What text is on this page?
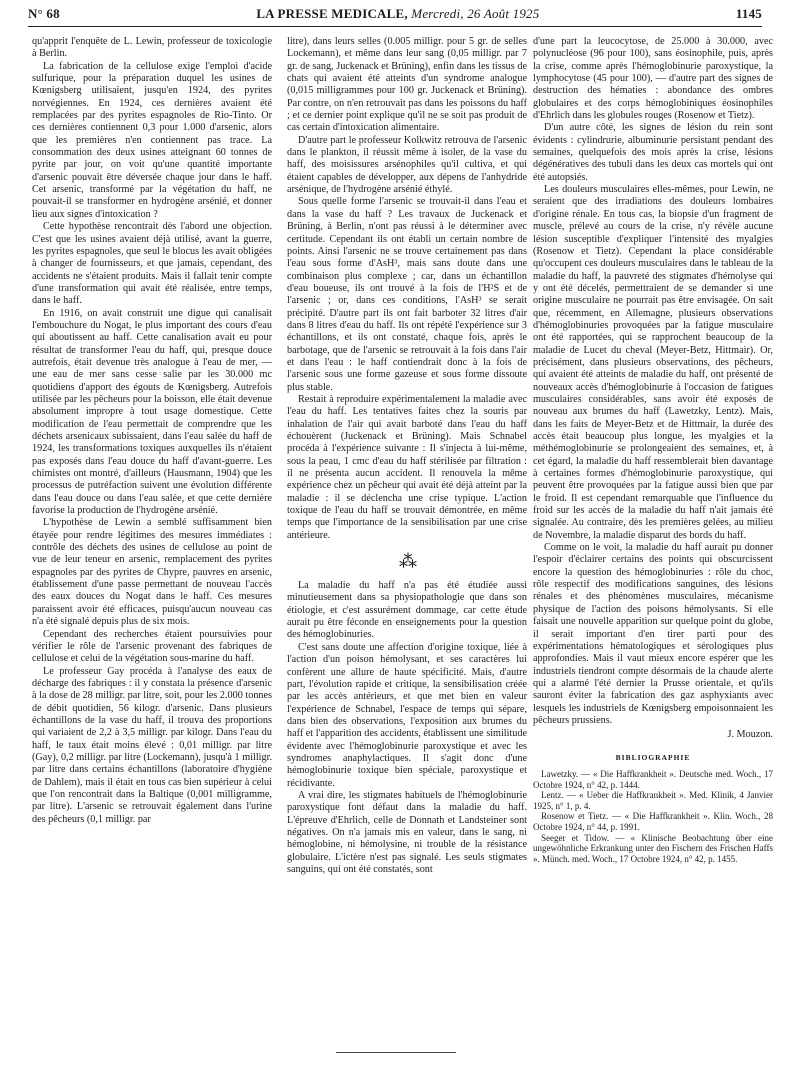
N° 68	LA PRESSE MEDICALE, Mercredi, 26 Août 1925	1145

qu'apprit l'enquête de L. Lewin, professeur de toxicologie à Berlin.

La fabrication de la cellulose exige l'emploi d'acide sulfurique, pour la préparation duquel les usines de Kœnigsberg utilisaient, jusqu'en 1924, des pyrites norvégiennes. En 1924, ces dernières avaient été remplacées par des pyrites espagnoles de Rio-Tinto. Or ces dernières contiennent 0,3 pour 1.000 d'arsenic, alors que les premières n'en contiennent pas trace. La consommation des deux usines atteignant 60 tonnes de pyrite par jour, on voit qu'une quantité importante d'arsenic pouvait être déversée chaque jour dans le haff. Cet arsenic, transformé par la végétation du haff, ne pouvait-il se transformer en hydrogène arsénié, et donner lieu aux signes d'intoxication ?

Cette hypothèse rencontrait dès l'abord une objection. C'est que les usines avaient déjà utilisé, avant la guerre, les pyrites espagnoles, que seul le blocus les avait obligées à changer de fournisseurs, et que jamais, cependant, des accidents ne s'étaient produits. Mais il fallait tenir compte d'une transformation qui avait été réalisée, entre temps, dans le haff.

En 1916, on avait construit une digue qui canalisait l'embouchure du Nogat, le plus important des cours d'eau qui aboutissent au haff. Cette canalisation avait eu pour résultat de transformer l'eau du haff, qui, presque douce autrefois, était devenue très analogue à l'eau de mer, — une eau de mer sans cesse salie par les 30.000 mc quotidiens d'apport des égouts de Kœnigsberg. Autrefois utilisée par les pêcheurs pour la boisson, elle était devenue absolument impropre à tout usage domestique. Cette modification de l'eau permettait de comprendre que les déchets arsenicaux subissaient, dans l'eau salée du haff de 1924, les transformations toxiques auxquelles ils n'étaient pas exposés dans l'eau douce du haff d'avant-guerre. Les chimistes ont montré, d'ailleurs (Hausmann, 1904) que les processus de putréfaction suivent une évolution différente dans l'eau douce ou dans l'eau salée, et que cette dernière favorise la production de l'hydrogène arsénié.

L'hypothèse de Lewin a semblé suffisamment bien étayée pour rendre légitimes des mesures immédiates : contrôle des déchets des usines de cellulose au point de vue de leur teneur en arsenic, remplacement des pyrites espagnoles par des pyrites de Chypre, pauvres en arsenic, établissement d'une passe permettant de nouveau l'accès des eaux douces du Nogat dans le haff. Ces mesures paraissent avoir été efficaces, puisqu'aucun nouveau cas n'a été signalé depuis plus de six mois.

Cependant des recherches étaient poursuivies pour vérifier le rôle de l'arsenic provenant des fabriques de cellulose et celui de la végétation sous-marine du haff.

Le professeur Gay procéda à l'analyse des eaux de décharge des fabriques : il y constata la présence d'arsenic à la dose de 28 milligr. par litre, soit, pour les 2.000 tonnes de débit quotidien, 56 kilogr. d'arsenic. Dans plusieurs échantillons de la vase du haff, il trouva des proportions qui variaient de 2,2 à 3,5 milligr. par kilogr. Dans l'eau du haff, le taux était moins élevé : 0,01 milligr. par litre (Gay), 0,2 milligr. par litre (Lockemann), jusqu'à 1 milligr. par litre dans certains échantillons (laboratoire d'hygiène de Dahlem), mais il était en tous cas bien supérieur à celui que l'on rencontrait dans la Baltique (0,001 milligramme, par litre). L'arsenic se retrouvait également dans l'urine des pêcheurs (0,1 milligr. par

litre), dans leurs selles (0.005 milligr. pour 5 gr. de selles Lockemann), et même dans leur sang (0,05 milligr. par 7 gr. de sang, Juckenack et Brüning), enfin dans les tissus de chats qui avaient été atteints d'un syndrome analogue (0,015 milligrammes pour 100 gr. Juckenack et Brüning). Par contre, on n'en retrouvait pas dans les poissons du haff ; et ce dernier point explique qu'il ne se soit pas produit de cas certain d'intoxication alimentaire.

D'autre part le professeur Kolkwitz retrouva de l'arsenic dans le plankton, il réussit même à isoler, de la vase du haff, des moisissures arsénophiles qu'il cultiva, et qui étaient capables de développer, aux dépens de l'anhydride arsénique, de l'hydrogène arsénié éthylé.

Sous quelle forme l'arsenic se trouvait-il dans l'eau et dans la vase du haff ? Les travaux de Juckenack et Brüning, à Berlin, n'ont pas réussi à le déterminer avec certitude. Cependant ils ont établi un certain nombre de points. Ainsi l'arsenic ne se trouve certainement pas dans l'eau sous forme d'AsH³, mais sans doute dans une combinaison plus complexe ; car, dans un échantillon d'eau boueuse, ils ont trouvé à la fois de l'H²S et de l'arsenic ; or, dans ces conditions, l'AsH³ se serait précipité. D'autre part ils ont fait barboter 32 litres d'air dans 8 litres d'eau du haff. Ils ont répété l'expérience sur 3 échantillons, et ils ont constaté, chaque fois, après le barbotage, que de l'arsenic se retrouvait à la fois dans l'air et dans l'eau : le haff contiendrait donc à la fois de l'arsenic sous une forme gazeuse et sous forme dissoute plus stable.

Restait à reproduire expérimentalement la maladie avec l'eau du haff. Les tentatives faites chez la souris par inhalation de l'air qui avait barboté dans l'eau du haff échouèrent (Juckenack et Brüning). Mais Schnabel procéda à l'expérience suivante : Il s'injecta à lui-même, sous la peau, 1 cmc d'eau du haff stérilisée par filtration : il ne présenta aucun accident. Il renouvela la même expérience chez un pêcheur qui avait été déjà atteint par la maladie : il se déclencha une crise typique. L'action toxique de l'eau du haff se trouvait démontrée, en même temps que l'importance de la sensibilisation par une crise antérieure.

⁂

La maladie du haff n'a pas été étudiée aussi minutieusement dans sa physiopathologie que dans son étiologie, et c'est assurément dommage, car cette étude aurait pu être féconde en enseignements pour la question des hémoglobinuries.

C'est sans doute une affection d'origine toxique, liée à l'action d'un poison hémolysant, et ses caractères lui confèrent une allure de haute spécificité. Mais, d'autre part, l'évolution rapide et critique, la sensibilisation créée par les accès antérieurs, et que met bien en valeur l'expérience de Schnabel, l'espace de temps qui sépare, dans bien des observations, l'exposition aux brumes du haff et l'apparition des accidents, établissent une similitude évidente avec l'hémoglobinurie paroxystique et avec les syndromes anaphylactiques. Il s'agit donc d'une hémoglobinurie toxique bien spéciale, paroxystique et récidivante.

A vrai dire, les stigmates habituels de l'hémoglobinurie paroxystique font défaut dans la maladie du haff. L'épreuve d'Ehrlich, celle de Donnath et Landsteiner sont négatives. On n'a jamais mis en valeur, dans le sang, ni hémoglobine, ni hémolysine, ni trouble de la résistance globulaire. L'ictère n'est pas signalé. Les seuls stigmates sanguins, qui ont été constatés, sont

d'une part la leucocytose, de 25.000 à 30.000, avec polynucléose (96 pour 100), sans éosinophile, puis, après la crise, comme après l'hémoglobinurie paroxystique, la lymphocytose (45 pour 100), — d'autre part des signes de destruction des hématies : abondance des ombres globulaires et des corps hémoglobiniques éosinophiles d'Ehrlich dans les globules rouges (Rosenow et Tietz).

D'un autre côté, les signes de lésion du rein sont évidents : cylindrurie, albuminurie persistant pendant des semaines, quelquefois des mois après la crise, lésions dégénératives des tubuli dans les deux cas mortels qui ont été autopsiés.

Les douleurs musculaires elles-mêmes, pour Lewin, ne seraient que des irradiations des douleurs lombaires d'origine rénale. En tous cas, la biopsie d'un fragment de muscle, prélevé au cours de la crise, n'y révèle aucune lésion susceptible d'expliquer l'intensité des myalgies (Rosenow et Tietz). Cependant la place considérable qu'occupent ces douleurs musculaires dans le tableau de la maladie du haff, la pauvreté des stigmates d'hémolyse qui y ont été décelés, permettraient de se demander si une origine musculaire ne pourrait pas être envisagée. On sait que, récemment, en Allemagne, plusieurs observations d'hémoglobinuries provoquées par la fatigue musculaire ont été rapportées, qui se rapprochent beaucoup de la maladie de Lucet du cheval (Meyer-Betz, Hittmair). Or, précisément, dans plusieurs observations, des pêcheurs, qui avaient été atteints de maladie du haff, ont présenté de nouveaux accès d'hémoglobinurie à l'occasion de fatigues musculaires considérables, sans avoir été exposés de nouveau aux brumes du haff (Lawetzky, Lentz). Mais, dans les faits de Meyer-Betz et de Hittmair, la durée des accès était beaucoup plus longue, les myalgies et la méthémoglobinurie se prolongeaient des semaines, et, à cet égard, la maladie du haff ressemblerait bien davantage à certaines formes d'hémoglobinurie paroxystique, qui peuvent être provoquées par la fatigue aussi bien que par le froid. Il est cependant remarquable que l'influence du froid sur les accès de la maladie du haff n'ait jamais été signalée. Au contraire, dès les premières gelées, au milieu de Novembre, la maladie disparut des bords du haff.

Comme on le voit, la maladie du haff aurait pu donner l'espoir d'éclairer certains des points qui obscurcissent encore la question des hémoglobinuries : rôle du choc, rôle respectif des modifications sanguines, des lésions rénales et des phénomènes musculaires, mécanisme physique de l'action des poisons hémolysants. Si elle faisait une nouvelle apparition sur quelque point du globe, il serait important d'en tirer parti pour des expérimentations hématologiques et sérologiques plus approfondies. Mais il vaut mieux encore espérer que les industriels tiendront compte désormais de la chaude alerte qui a alarmé l'été dernier la Prusse orientale, et qu'ils sauront éviter la fabrication des gaz asphyxiants avec lesquels les industriels de Kœnigsberg empoisonnaient les pêcheurs prussiens.

J. Mouzon.
BIBLIOGRAPHIE

Lawetzky. — « Die Haffkrankheit ». Deutsche med. Woch., 17 Octobre 1924, n° 42, p. 1444.

Lentz. — « Ueber die Haffkrankheit ». Med. Klinik, 4 Janvier 1925, n° 1, p. 4.

Rosenow et Tietz. — « Die Haffkrankheit ». Klin. Woch., 28 Octobre 1924, n° 44, p. 1991.

Seeger et Tidow. — « Klinische Beobachtung über eine ungewöhnliche Erkrankung unter den Fischern des Frischen Haffs ». Münch. med. Woch., 17 Octobre 1924, n° 42, p. 1455.
